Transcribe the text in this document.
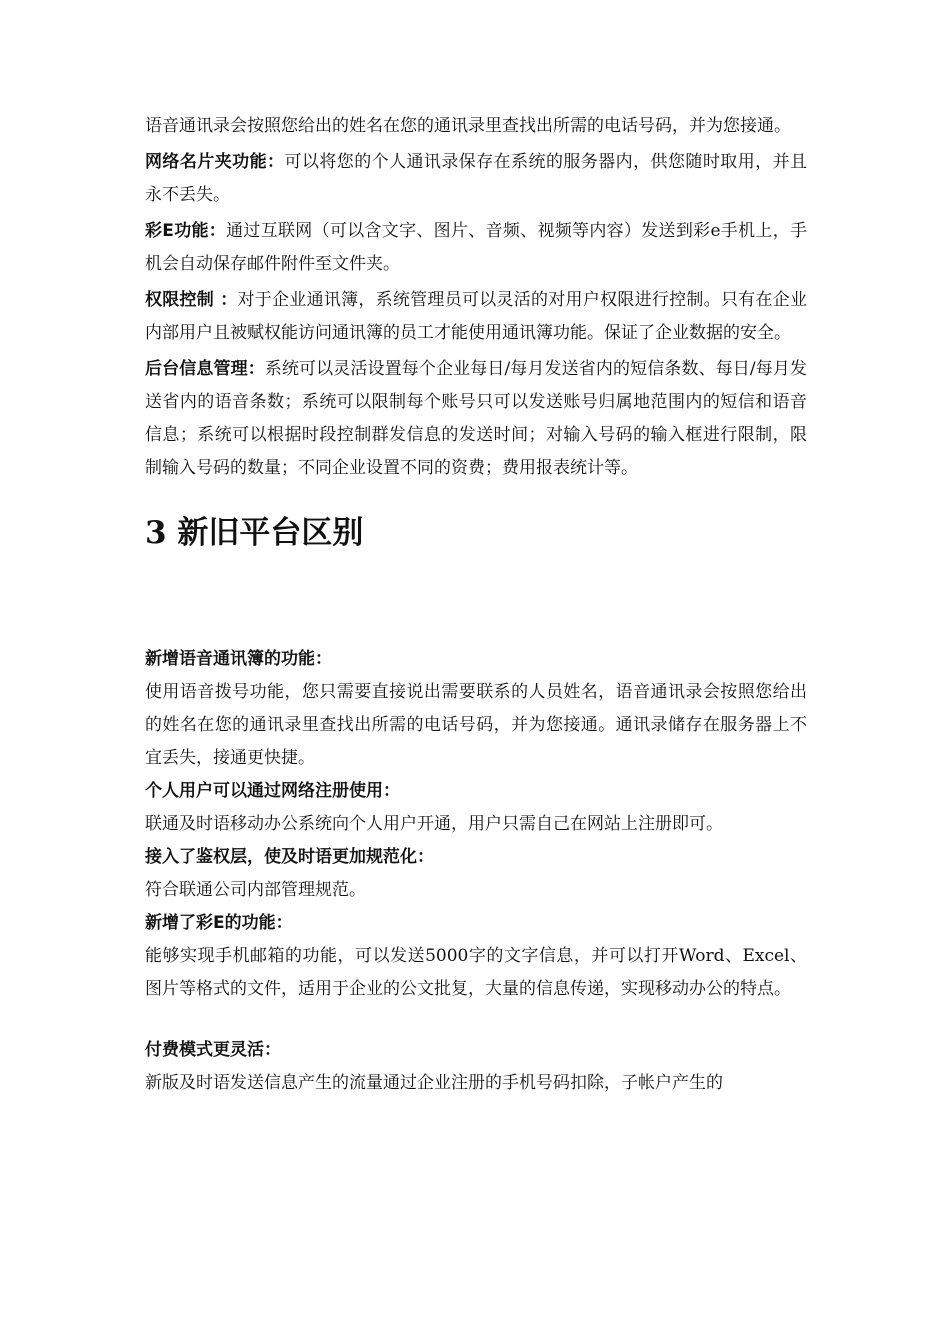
语音通讯录会按照您给出的姓名在您的通讯录里查找出所需的电话号码，并为您接通。

网络名片夹功能：可以将您的个人通讯录保存在系统的服务器内，供您随时取用，并且永不丢失。

彩E功能：通过互联网（可以含文字、图片、音频、视频等内容）发送到彩e手机上，手机会自动保存邮件附件至文件夹。

权限控制 ：对于企业通讯簿，系统管理员可以灵活的对用户权限进行控制。只有在企业内部用户且被赋权能访问通讯簿的员工才能使用通讯簿功能。保证了企业数据的安全。

后台信息管理：系统可以灵活设置每个企业每日/每月发送省内的短信条数、每日/每月发送省内的语音条数；系统可以限制每个账号只可以发送账号归属地范围内的短信和语音信息；系统可以根据时段控制群发信息的发送时间；对输入号码的输入框进行限制，限制输入号码的数量；不同企业设置不同的资费；费用报表统计等。

3 新旧平台区别

新增语音通讯簿的功能：

使用语音拨号功能，您只需要直接说出需要联系的人员姓名，语音通讯录会按照您给出的姓名在您的通讯录里查找出所需的电话号码，并为您接通。通讯录储存在服务器上不宜丢失，接通更快捷。

个人用户可以通过网络注册使用：

联通及时语移动办公系统向个人用户开通，用户只需自己在网站上注册即可。

接入了鉴权层，使及时语更加规范化：

符合联通公司内部管理规范。

新增了彩E的功能：

能够实现手机邮箱的功能，可以发送5000字的文字信息，并可以打开Word、Excel、图片等格式的文件，适用于企业的公文批复，大量的信息传递，实现移动办公的特点。

付费模式更灵活：

新版及时语发送信息产生的流量通过企业注册的手机号码扣除，子帐户产生的
